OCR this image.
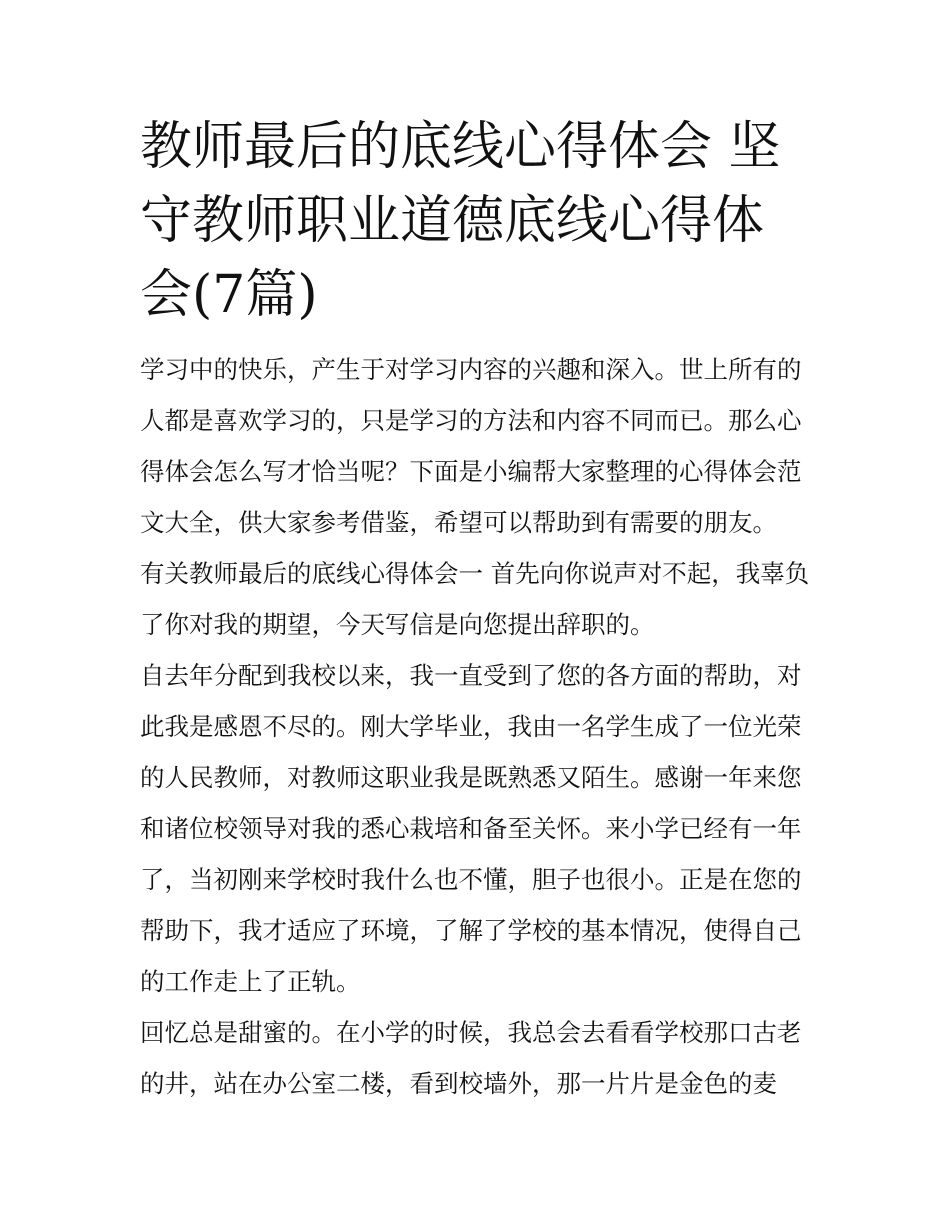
教师最后的底线心得体会 坚守教师职业道德底线心得体会(7篇)

学习中的快乐，产生于对学习内容的兴趣和深入。世上所有的人都是喜欢学习的，只是学习的方法和内容不同而已。那么心得体会怎么写才恰当呢？下面是小编帮大家整理的心得体会范文大全，供大家参考借鉴，希望可以帮助到有需要的朋友。

有关教师最后的底线心得体会一 首先向你说声对不起，我辜负了你对我的期望，今天写信是向您提出辞职的。

自去年分配到我校以来，我一直受到了您的各方面的帮助，对此我是感恩不尽的。刚大学毕业，我由一名学生成了一位光荣的人民教师，对教师这职业我是既熟悉又陌生。感谢一年来您和诸位校领导对我的悉心栽培和备至关怀。来小学已经有一年了，当初刚来学校时我什么也不懂，胆子也很小。正是在您的帮助下，我才适应了环境，了解了学校的基本情况，使得自己的工作走上了正轨。

回忆总是甜蜜的。在小学的时候，我总会去看看学校那口古老的井，站在办公室二楼，看到校墙外，那一片片是金色的麦
